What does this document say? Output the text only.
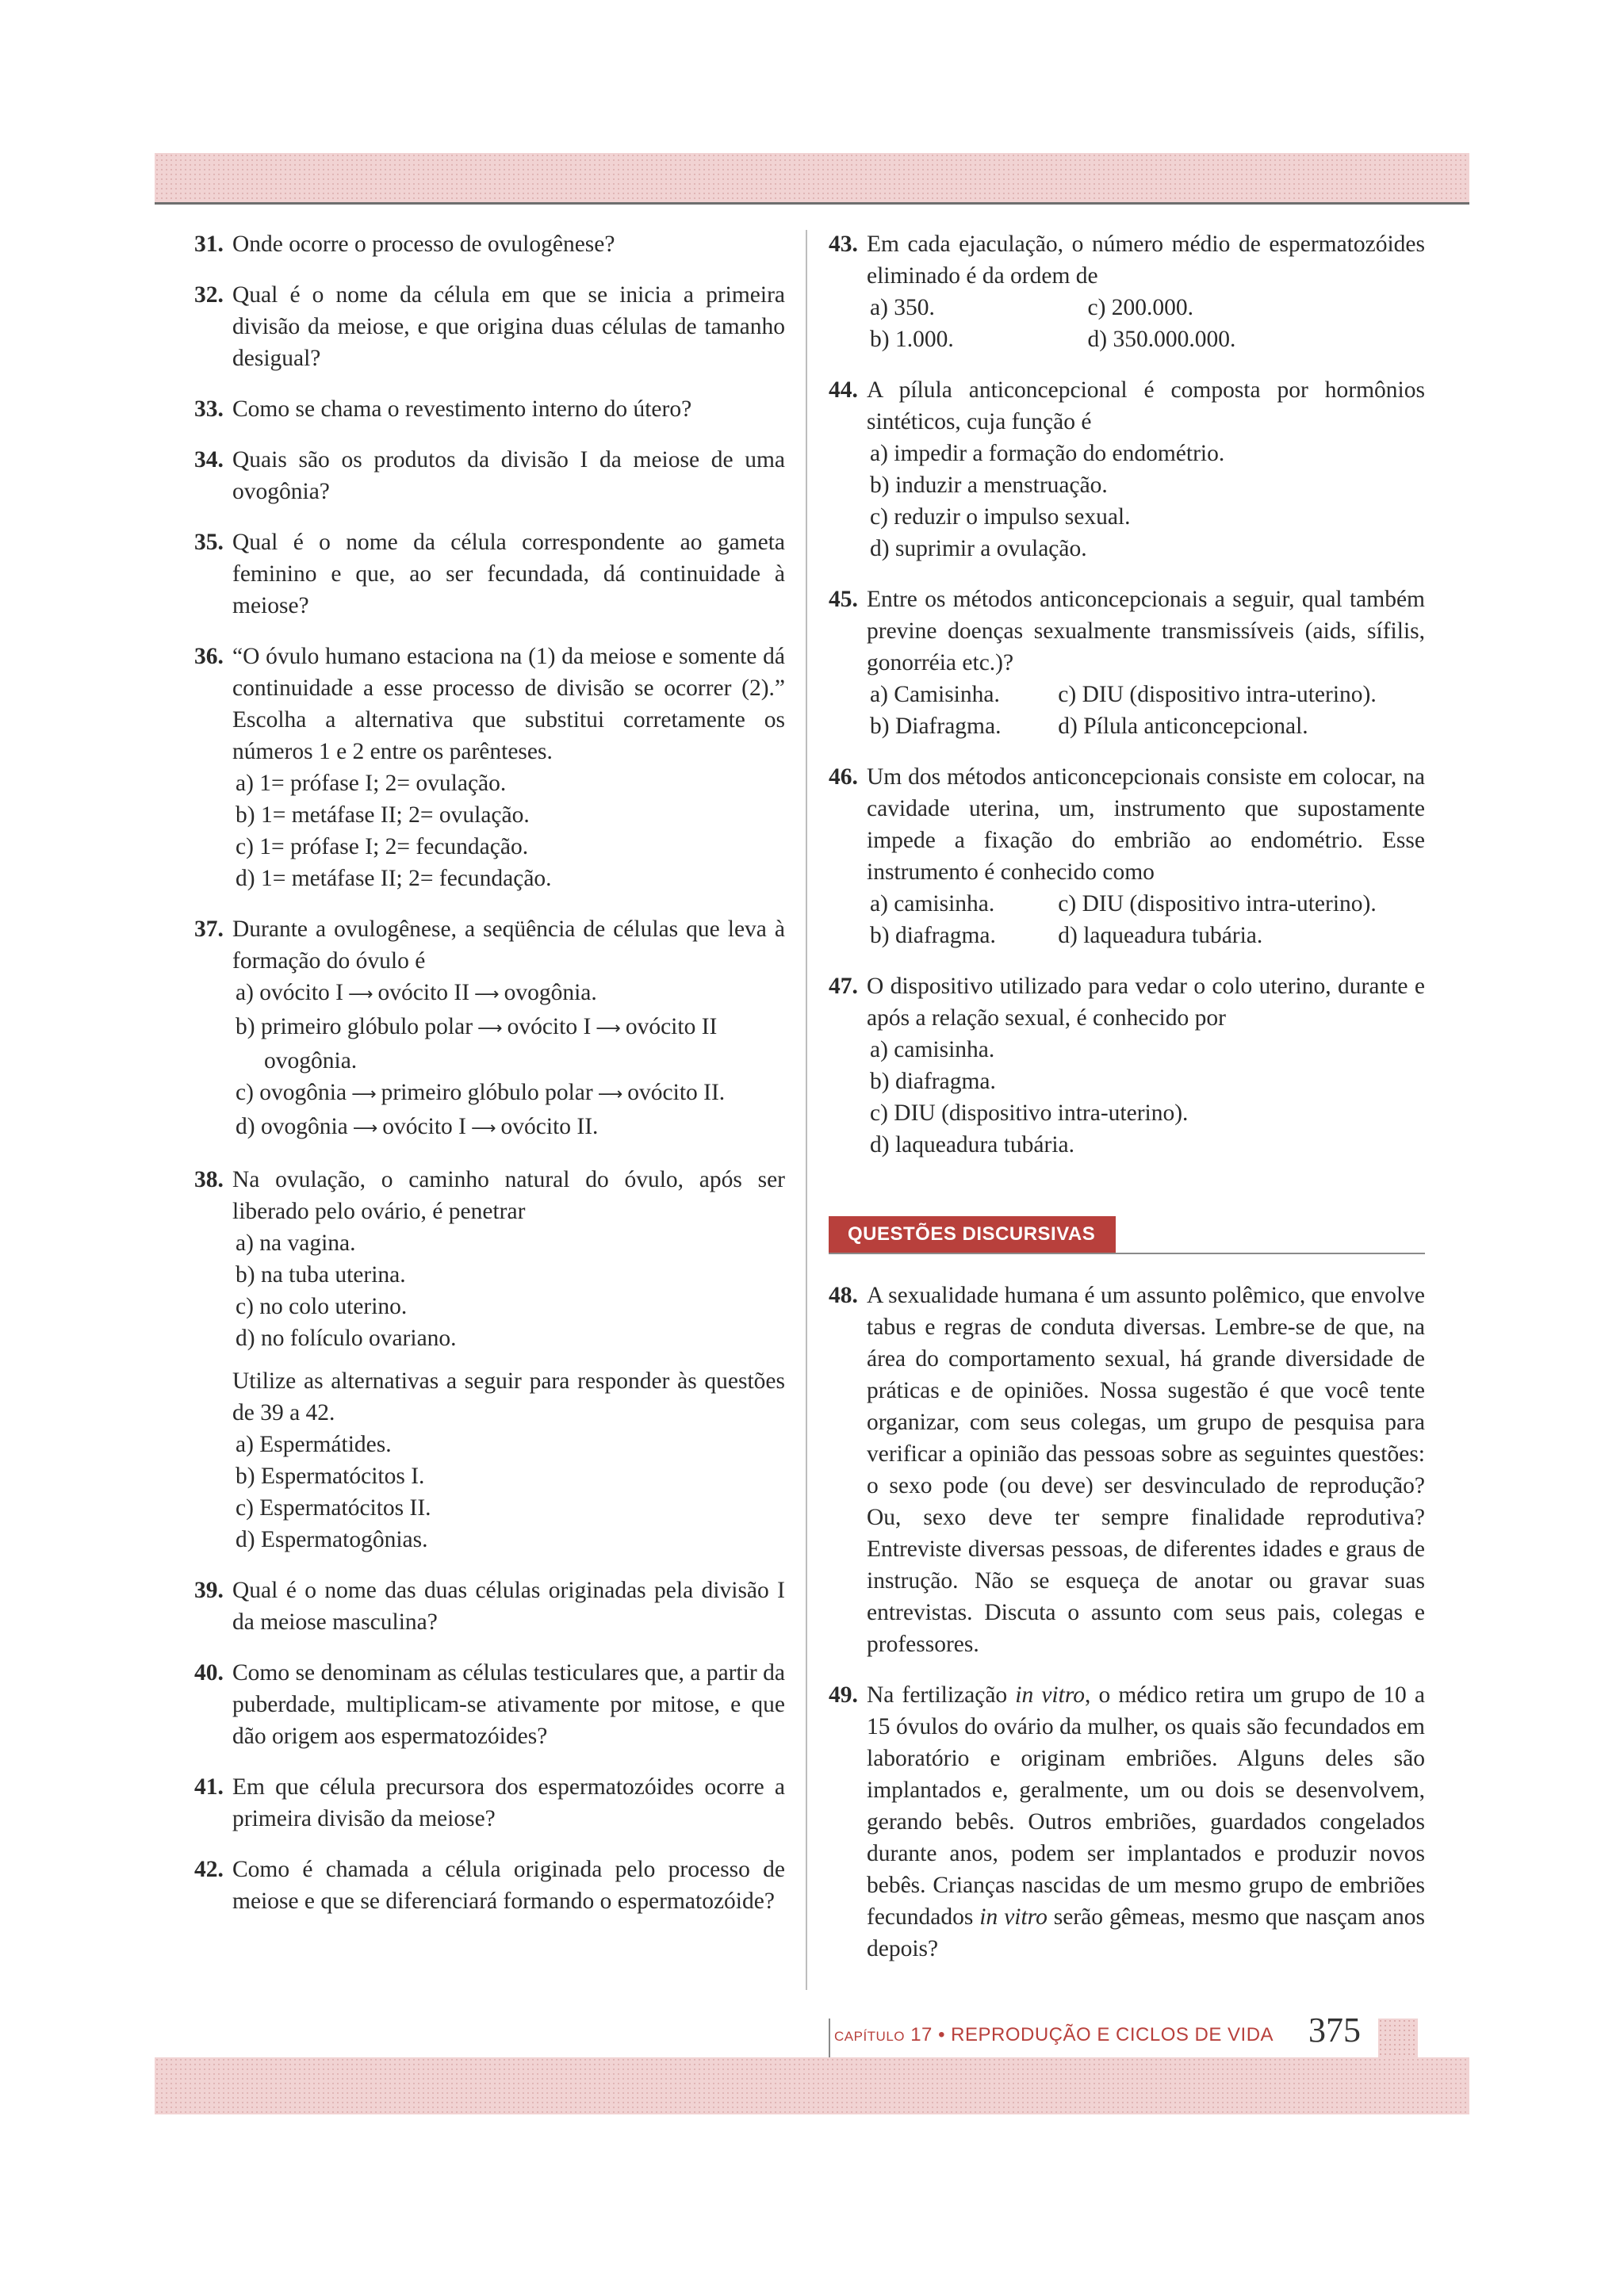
31. Onde ocorre o processo de ovulogênese?
32. Qual é o nome da célula em que se inicia a primeira divisão da meiose, e que origina duas células de tamanho desigual?
33. Como se chama o revestimento interno do útero?
34. Quais são os produtos da divisão I da meiose de uma ovogônia?
35. Qual é o nome da célula correspondente ao gameta feminino e que, ao ser fecundada, dá continuidade à meiose?
36. “O óvulo humano estaciona na (1) da meiose e somente dá continuidade a esse processo de divisão se ocorrer (2).” Escolha a alternativa que substitui corretamente os números 1 e 2 entre os parênteses.

a) 1= prófase I; 2= ovulação.
b) 1= metáfase II; 2= ovulação.
c) 1= prófase I; 2= fecundação.
d) 1= metáfase II; 2= fecundação.
37. Durante a ovulogênese, a seqüência de células que leva à formação do óvulo é

a) ovócito I ⟶ ovócito II ⟶ ovogônia.
b) primeiro glóbulo polar ⟶ ovócito I ⟶ ovócito II
ovogônia.
c) ovogônia ⟶ primeiro glóbulo polar ⟶ ovócito II.
d) ovogônia ⟶ ovócito I ⟶ ovócito II.
38. Na ovulação, o caminho natural do óvulo, após ser liberado pelo ovário, é penetrar

a) na vagina.
b) na tuba uterina.
c) no colo uterino.
d) no folículo ovariano.

Utilize as alternativas a seguir para responder às questões de 39 a 42.

a) Espermátides.
b) Espermatócitos I.
c) Espermatócitos II.
d) Espermatogônias.
39. Qual é o nome das duas células originadas pela divisão I da meiose masculina?
40. Como se denominam as células testiculares que, a partir da puberdade, multiplicam-se ativamente por mitose, e que dão origem aos espermatozóides?
41. Em que célula precursora dos espermatozóides ocorre a primeira divisão da meiose?
42. Como é chamada a célula originada pelo processo de meiose e que se diferenciará formando o espermatozóide?
43. Em cada ejaculação, o número médio de espermatozóides eliminado é da ordem de

a) 350.	c) 200.000.
b) 1.000.	d) 350.000.000.
44. A pílula anticoncepcional é composta por hormônios sintéticos, cuja função é

a) impedir a formação do endométrio.
b) induzir a menstruação.
c) reduzir o impulso sexual.
d) suprimir a ovulação.
45. Entre os métodos anticoncepcionais a seguir, qual também previne doenças sexualmente transmissíveis (aids, sífilis, gonorréia etc.)?

a) Camisinha.	c) DIU (dispositivo intra-uterino).
b) Diafragma.	d) Pílula anticoncepcional.
46. Um dos métodos anticoncepcionais consiste em colocar, na cavidade uterina, um, instrumento que supostamente impede a fixação do embrião ao endométrio. Esse instrumento é conhecido como

a) camisinha.	c) DIU (dispositivo intra-uterino).
b) diafragma.	d) laqueadura tubária.
47. O dispositivo utilizado para vedar o colo uterino, durante e após a relação sexual, é conhecido por

a) camisinha.
b) diafragma.
c) DIU (dispositivo intra-uterino).
d) laqueadura tubária.
QUESTÕES DISCURSIVAS
48. A sexualidade humana é um assunto polêmico, que envolve tabus e regras de conduta diversas. Lembre-se de que, na área do comportamento sexual, há grande diversidade de práticas e de opiniões. Nossa sugestão é que você tente organizar, com seus colegas, um grupo de pesquisa para verificar a opinião das pessoas sobre as seguintes questões: o sexo pode (ou deve) ser desvinculado de reprodução? Ou, sexo deve ter sempre finalidade reprodutiva? Entreviste diversas pessoas, de diferentes idades e graus de instrução. Não se esqueça de anotar ou gravar suas entrevistas. Discuta o assunto com seus pais, colegas e professores.
49. Na fertilização in vitro, o médico retira um grupo de 10 a 15 óvulos do ovário da mulher, os quais são fecundados em laboratório e originam embriões. Alguns deles são implantados e, geralmente, um ou dois se desenvolvem, gerando bebês. Outros embriões, guardados congelados durante anos, podem ser implantados e produzir novos bebês. Crianças nascidas de um mesmo grupo de embriões fecundados in vitro serão gêmeas, mesmo que nasçam anos depois?
CAPÍTULO 17 • REPRODUÇÃO E CICLOS DE VIDA 375
